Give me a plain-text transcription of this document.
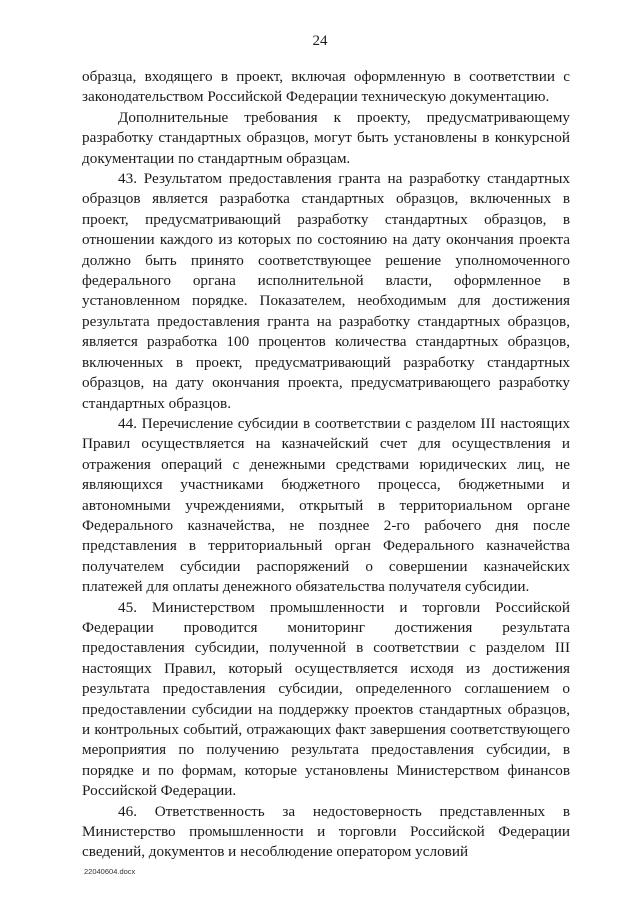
24

образца, входящего в проект, включая оформленную в соответствии с законодательством Российской Федерации техническую документацию.

Дополнительные требования к проекту, предусматривающему разработку стандартных образцов, могут быть установлены в конкурсной документации по стандартным образцам.

43. Результатом предоставления гранта на разработку стандартных образцов является разработка стандартных образцов, включенных в проект, предусматривающий разработку стандартных образцов, в отношении каждого из которых по состоянию на дату окончания проекта должно быть принято соответствующее решение уполномоченного федерального органа исполнительной власти, оформленное в установленном порядке. Показателем, необходимым для достижения результата предоставления гранта на разработку стандартных образцов, является разработка 100 процентов количества стандартных образцов, включенных в проект, предусматривающий разработку стандартных образцов, на дату окончания проекта, предусматривающего разработку стандартных образцов.

44. Перечисление субсидии в соответствии с разделом III настоящих Правил осуществляется на казначейский счет для осуществления и отражения операций с денежными средствами юридических лиц, не являющихся участниками бюджетного процесса, бюджетными и автономными учреждениями, открытый в территориальном органе Федерального казначейства, не позднее 2-го рабочего дня после представления в территориальный орган Федерального казначейства получателем субсидии распоряжений о совершении казначейских платежей для оплаты денежного обязательства получателя субсидии.

45. Министерством промышленности и торговли Российской Федерации проводится мониторинг достижения результата предоставления субсидии, полученной в соответствии с разделом III настоящих Правил, который осуществляется исходя из достижения результата предоставления субсидии, определенного соглашением о предоставлении субсидии на поддержку проектов стандартных образцов, и контрольных событий, отражающих факт завершения соответствующего мероприятия по получению результата предоставления субсидии, в порядке и по формам, которые установлены Министерством финансов Российской Федерации.

46. Ответственность за недостоверность представленных в Министерство промышленности и торговли Российской Федерации сведений, документов и несоблюдение оператором условий

22040604.docx
